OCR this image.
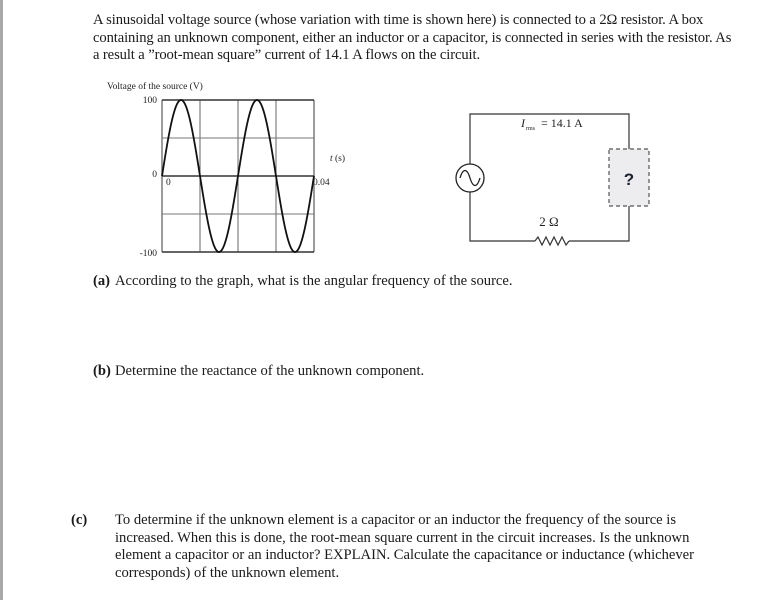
A sinusoidal voltage source (whose variation with time is shown here) is connected to a 2Ω resistor. A box containing an unknown component, either an inductor or a capacitor, is connected in series with the resistor. As a result a ”root-mean square” current of 14.1 A flows on the circuit.
Voltage of the source (V)
100
0
-100
0	0.04
t (s)
?
2 Ω
I rms = 14.1 A
(a) According to the graph, what is the angular frequency of the source.
(b) Determine the reactance of the unknown component.
(c) To determine if the unknown element is a capacitor or an inductor the frequency of the source is increased. When this is done, the root-mean square current in the circuit increases. Is the unknown element a capacitor or an inductor? EXPLAIN. Calculate the capacitance or inductance (whichever corresponds) of the unknown element.
